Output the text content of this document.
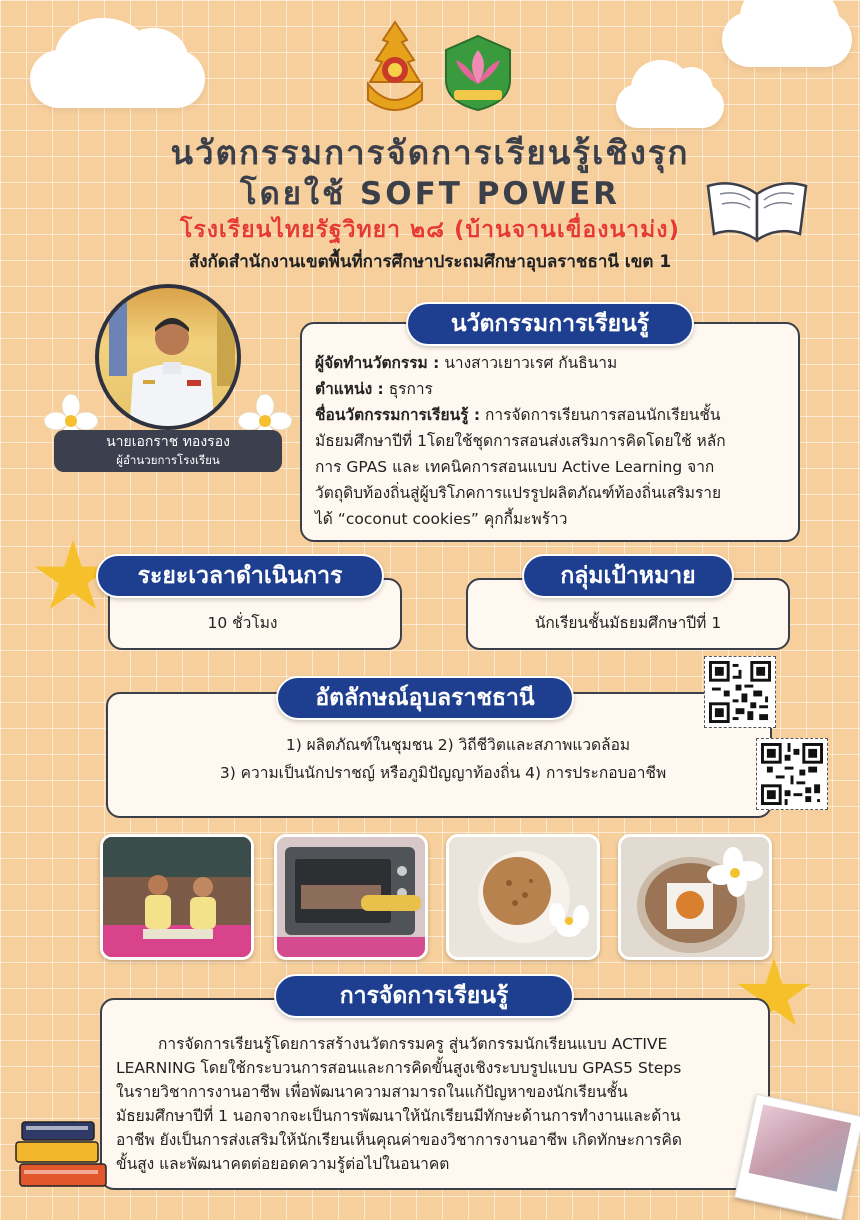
นวัตกรรมการจัดการเรียนรู้เชิงรุก
โดยใช้ SOFT POWER
โรงเรียนไทยรัฐวิทยา ๒๘ (บ้านจานเขื่องนาม่ง)
สังกัดสำนักงานเขตพื้นที่การศึกษาประถมศึกษาอุบลราชธานี เขต 1
นายเอกราช ทองรอง
ผู้อำนวยการโรงเรียน
ผู้จัดทำนวัตกรรม : นางสาวเยาวเรศ กันธินาม
ตำแหน่ง : ธุรการ
ชื่อนวัตกรรมการเรียนรู้ : การจัดการเรียนการสอนนักเรียนชั้น
มัธยมศึกษาปีที่ 1โดยใช้ชุดการสอนส่งเสริมการคิดโดยใช้ หลัก
การ GPAS และ เทคนิคการสอนแบบ Active Learning จาก
วัตถุดิบท้องถิ่นสู่ผู้บริโภคการแปรรูปผลิตภัณฑ์ท้องถิ่นเสริมราย
ได้ “coconut cookies” คุกกี้มะพร้าว
นวัตกรรมการเรียนรู้
10 ชั่วโมง
ระยะเวลาดำเนินการ
นักเรียนชั้นมัธยมศึกษาปีที่ 1
กลุ่มเป้าหมาย
1) ผลิตภัณฑ์ในชุมชน 2) วิถีชีวิตและสภาพแวดล้อม
3) ความเป็นนักปราชญ์ หรือภูมิปัญญาท้องถิ่น 4) การประกอบอาชีพ
อัตลักษณ์อุบลราชธานี
การจัดการเรียนรู้โดยการสร้างนวัตกรรมครู สู่นวัตกรรมนักเรียนแบบ ACTIVE
LEARNING โดยใช้กระบวนการสอนและการคิดขั้นสูงเชิงระบบรูปแบบ GPAS5 Steps
ในรายวิชาการงานอาชีพ เพื่อพัฒนาความสามารถในแก้ปัญหาของนักเรียนชั้น
มัธยมศึกษาปีที่ 1 นอกจากจะเป็นการพัฒนาให้นักเรียนมีทักษะด้านการทำงานและด้าน
อาชีพ ยังเป็นการส่งเสริมให้นักเรียนเห็นคุณค่าของวิชาการงานอาชีพ เกิดทักษะการคิด
ขั้นสูง และพัฒนาคตต่อยอดความรู้ต่อไปในอนาคต
การจัดการเรียนรู้
